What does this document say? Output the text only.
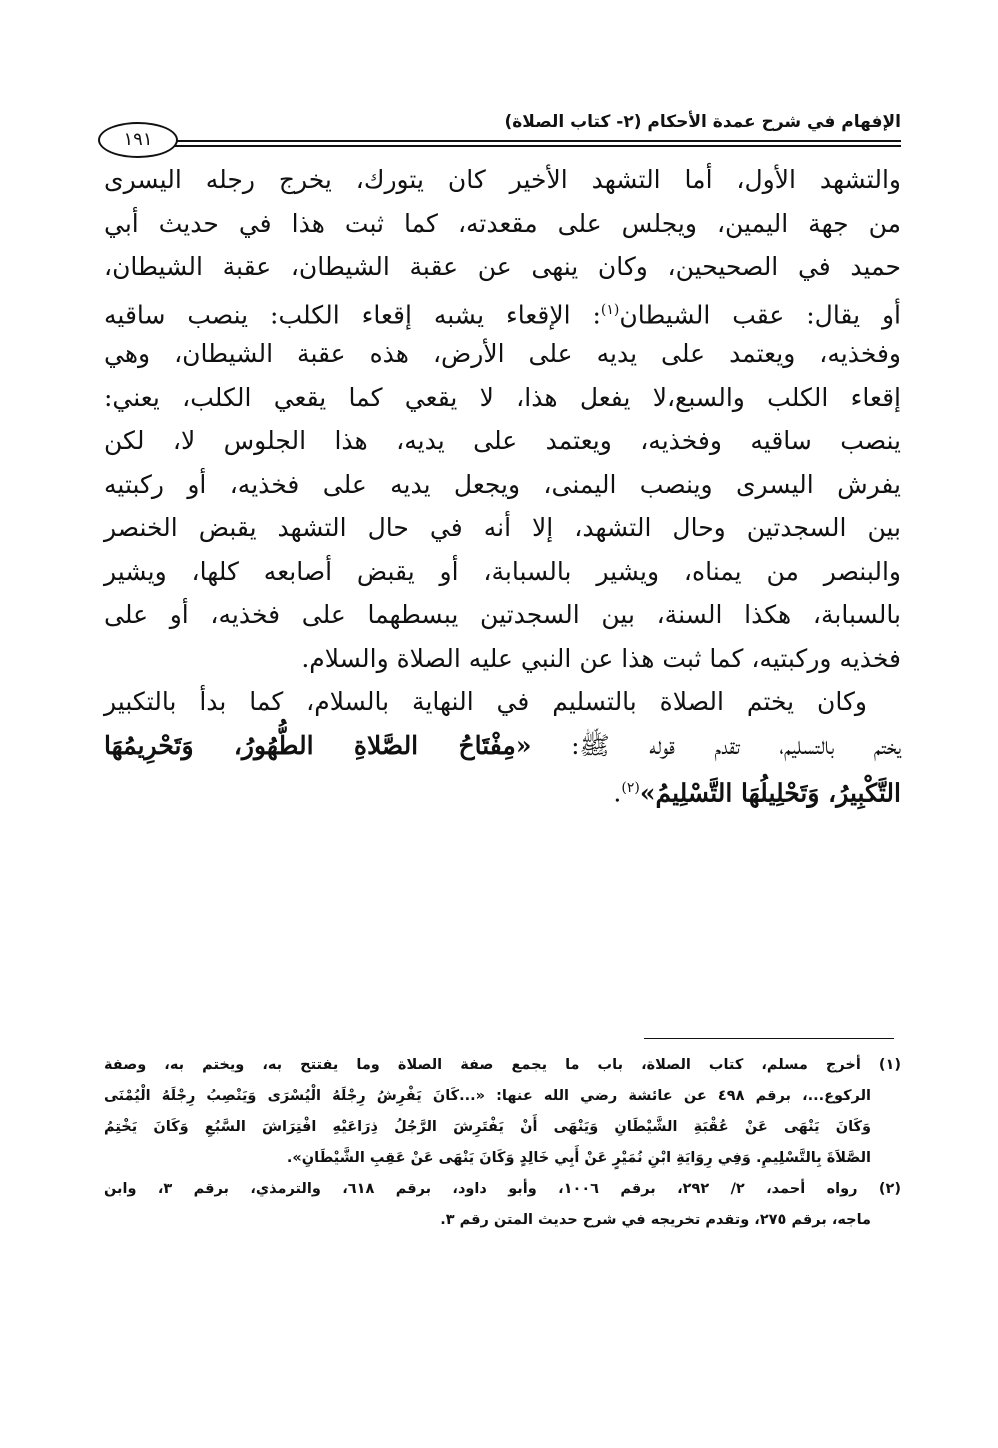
الإفهام في شرح عمدة الأحكام (٢- كتاب الصلاة)
١٩١
والتشهد الأول، أما التشهد الأخير كان يتورك، يخرج رجله اليسرى
من جهة اليمين، ويجلس على مقعدته، كما ثبت هذا في حديث أبي
حميد في الصحيحين، وكان ينهى عن عقبة الشيطان، عقبة الشيطان،
أو يقال: عقب الشيطان$^{(١)}$: الإقعاء يشبه إقعاء الكلب: ينصب ساقيه
وفخذيه، ويعتمد على يديه على الأرض، هذه عقبة الشيطان، وهي
إقعاء الكلب والسبع،لا يفعل هذا، لا يقعي كما يقعي الكلب، يعني:
ينصب ساقيه وفخذيه، ويعتمد على يديه، هذا الجلوس لا، لكن
يفرش اليسرى وينصب اليمنى، ويجعل يديه على فخذيه، أو ركبتيه
بين السجدتين وحال التشهد، إلا أنه في حال التشهد يقبض الخنصر
والبنصر من يمناه، ويشير بالسبابة، أو يقبض أصابعه كلها، ويشير
بالسبابة، هكذا السنة، بين السجدتين يبسطهما على فخذيه، أو على
فخذيه وركبتيه، كما ثبت هذا عن النبي عليه الصلاة والسلام.
وكان يختم الصلاة بالتسليم في النهاية بالسلام، كما بدأ بالتكبير
يختم بالتسليم، تقدم قوله ﷺ: «مِفْتَاحُ الصَّلاةِ الطُّهُورُ، وَتَحْرِيمُهَا
التَّكْبِيرُ، وَتَحْلِيلُهَا التَّسْلِيمُ»$^{(٢)}$.
(١) أخرج مسلم، كتاب الصلاة، باب ما يجمع صفة الصلاة وما يفتتح به، ويختم به، وصفة
الركوع...، برقم ٤٩٨ عن عائشة رضي الله عنها: «...كَانَ يَفْرِشُ رِجْلَهُ الْيُسْرَى وَيَنْصِبُ رِجْلَهُ الْيُمْنَى
وَكَانَ يَنْهَى عَنْ عُقْبَةِ الشَّيْطَانِ وَيَنْهَى أَنْ يَفْتَرِشَ الرَّجُلُ ذِرَاعَيْهِ افْتِرَاشَ السَّبُعِ وَكَانَ يَخْتِمُ
الصَّلاَةَ بِالتَّسْلِيمِ. وَفِي رِوَايَةِ ابْنِ نُمَيْرٍ عَنْ أَبِي خَالِدٍ وَكَانَ يَنْهَى عَنْ عَقِبِ الشَّيْطَانِ».
(٢) رواه أحمد، ٢/ ٢٩٢، برقم ١٠٠٦، وأبو داود، برقم ٦١٨، والترمذي، برقم ٣، وابن
ماجه، برقم ٢٧٥، وتقدم تخريجه في شرح حديث المتن رقم ٣.
